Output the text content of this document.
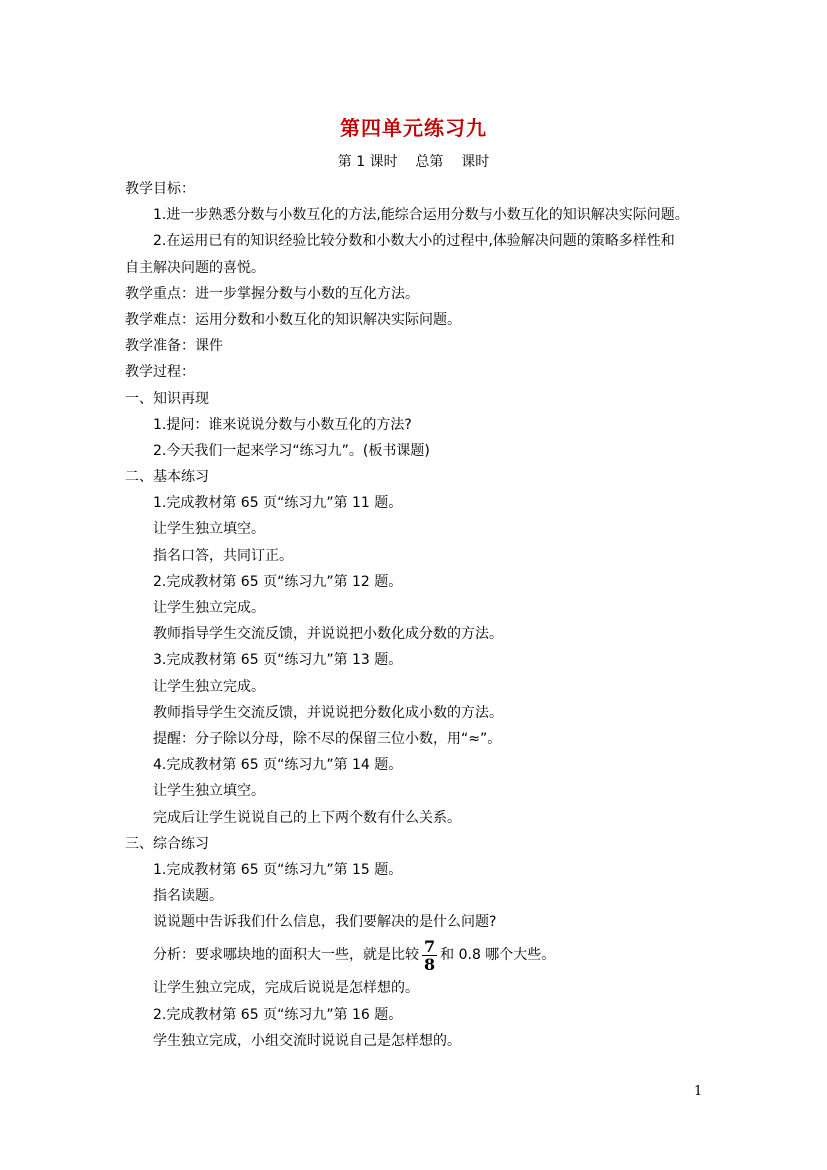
第四单元练习九
第 1 课时    总第    课时
教学目标：
1.进一步熟悉分数与小数互化的方法,能综合运用分数与小数互化的知识解决实际问题。
2.在运用已有的知识经验比较分数和小数大小的过程中,体验解决问题的策略多样性和
自主解决问题的喜悦。
教学重点：进一步掌握分数与小数的互化方法。
教学难点：运用分数和小数互化的知识解决实际问题。
教学准备：课件
教学过程：
一、知识再现
1.提问：谁来说说分数与小数互化的方法?
2.今天我们一起来学习“练习九”。(板书课题)
二、基本练习
1.完成教材第 65 页“练习九”第 11 题。
让学生独立填空。
指名口答，共同订正。
2.完成教材第 65 页“练习九”第 12 题。
让学生独立完成。
教师指导学生交流反馈，并说说把小数化成分数的方法。
3.完成教材第 65 页“练习九”第 13 题。
让学生独立完成。
教师指导学生交流反馈，并说说把分数化成小数的方法。
提醒：分子除以分母，除不尽的保留三位小数，用“≈”。
4.完成教材第 65 页“练习九”第 14 题。
让学生独立填空。
完成后让学生说说自己的上下两个数有什么关系。
三、综合练习
1.完成教材第 65 页“练习九”第 15 题。
指名读题。
说说题中告诉我们什么信息，我们要解决的是什么问题?
分析：要求哪块地的面积大一些，就是比较 $\frac{7}{8}$ 和 0.8 哪个大些。
让学生独立完成，完成后说说是怎样想的。
2.完成教材第 65 页“练习九”第 16 题。
学生独立完成，小组交流时说说自己是怎样想的。
1
